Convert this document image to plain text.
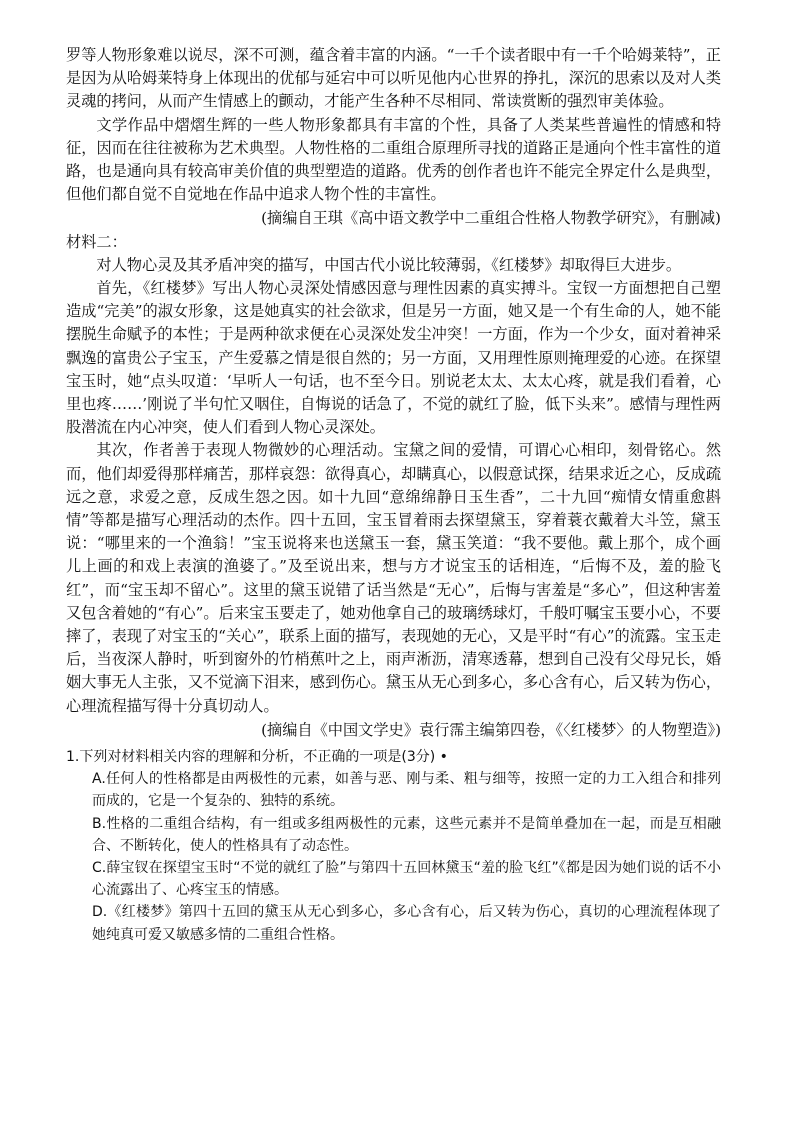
罗等人物形象难以说尽，深不可测，蕴含着丰富的内涵。“一千个读者眼中有一千个哈姆莱特”，正是因为从哈姆莱特身上体现出的优郁与延宕中可以听见他内心世界的挣扎，深沉的思索以及对人类灵魂的拷问，从而产生情感上的颤动，才能产生各种不尽相同、常读赏断的强烈审美体验。

文学作品中熠熠生辉的一些人物形象都具有丰富的个性，具备了人类某些普遍性的情感和特征，因而在往往被称为艺术典型。人物性格的二重组合原理所寻找的道路正是通向个性丰富性的道路，也是通向具有较高审美价值的典型塑造的道路。优秀的创作者也许不能完全界定什么是典型，但他们都自觉不自觉地在作品中追求人物个性的丰富性。

(摘编自王琪《高中语文教学中二重组合性格人物教学研究》，有删减)

材料二：

对人物心灵及其矛盾冲突的描写，中国古代小说比较薄弱，《红楼梦》却取得巨大进步。

首先，《红楼梦》写出人物心灵深处情感因意与理性因素的真实搏斗。宝钗一方面想把自己塑造成“完美”的淑女形象，这是她真实的社会欲求，但是另一方面，她又是一个有生命的人，她不能摆脱生命赋予的本性；于是两种欲求便在心灵深处发尘冲突！一方面，作为一个少女，面对着神采飘逸的富贵公子宝玉，产生爱慕之情是很自然的；另一方面，又用理性原则掩理爱的心迹。在探望宝玉时，她“点头叹道：‘早听人一句话，也不至今日。别说老太太、太太心疼，就是我们看着，心里也疼……’刚说了半句忙又咽住，自悔说的话急了，不觉的就红了脸，低下头来”。感情与理性两股潜流在内心冲突，使人们看到人物心灵深处。

其次，作者善于表现人物微妙的心理活动。宝黛之间的爱情，可谓心心相印，刻骨铭心。然而，他们却爱得那样痛苦，那样哀怨：欲得真心，却瞒真心，以假意试探，结果求近之心，反成疏远之意，求爱之意，反成生怨之因。如十九回“意绵绵静日玉生香”，二十九回“痴情女情重愈斟情”等都是描写心理活动的杰作。四十五回，宝玉冒着雨去探望黛玉，穿着蓑衣戴着大斗笠，黛玉说：“哪里来的一个渔翁！”宝玉说将来也送黛玉一套，黛玉笑道：“我不要他。戴上那个，成个画儿上画的和戏上表演的渔婆了。”及至说出来，想与方才说宝玉的话相连，“后悔不及，羞的脸飞红”，而“宝玉却不留心”。这里的黛玉说错了话当然是“无心”，后悔与害羞是“多心”，但这种害羞又包含着她的“有心”。后来宝玉要走了，她劝他拿自己的玻璃绣球灯，千般叮嘱宝玉要小心，不要摔了，表现了对宝玉的“关心”，联系上面的描写，表现她的无心，又是平时“有心”的流露。宝玉走后，当夜深人静时，听到窗外的竹梢蕉叶之上，雨声淅沥，清寒透幕，想到自己没有父母兄长，婚姻大事无人主张，又不觉滴下泪来，感到伤心。黛玉从无心到多心，多心含有心，后又转为伤心，心理流程描写得十分真切动人。

(摘编自《中国文学史》袁行霈主编第四卷，《〈红楼梦〉的人物塑造》)

1.下列对材料相关内容的理解和分析，不正确的一项是(3分) •

A.任何人的性格都是由两极性的元素，如善与恶、刚与柔、粗与细等，按照一定的力工入组合和排列而成的，它是一个复杂的、独特的系统。

B.性格的二重组合结构，有一组或多组两极性的元素，这些元素并不是简单叠加在一起，而是互相融合、不断转化，使人的性格具有了动态性。

C.薛宝钗在探望宝玉时“不觉的就红了脸”与第四十五回林黛玉“羞的脸飞红”《都是因为她们说的话不小心流露出了、心疼宝玉的情感。

D.《红楼梦》第四十五回的黛玉从无心到多心，多心含有心，后又转为伤心，真切的心理流程体现了她纯真可爱又敏感多情的二重组合性格。
